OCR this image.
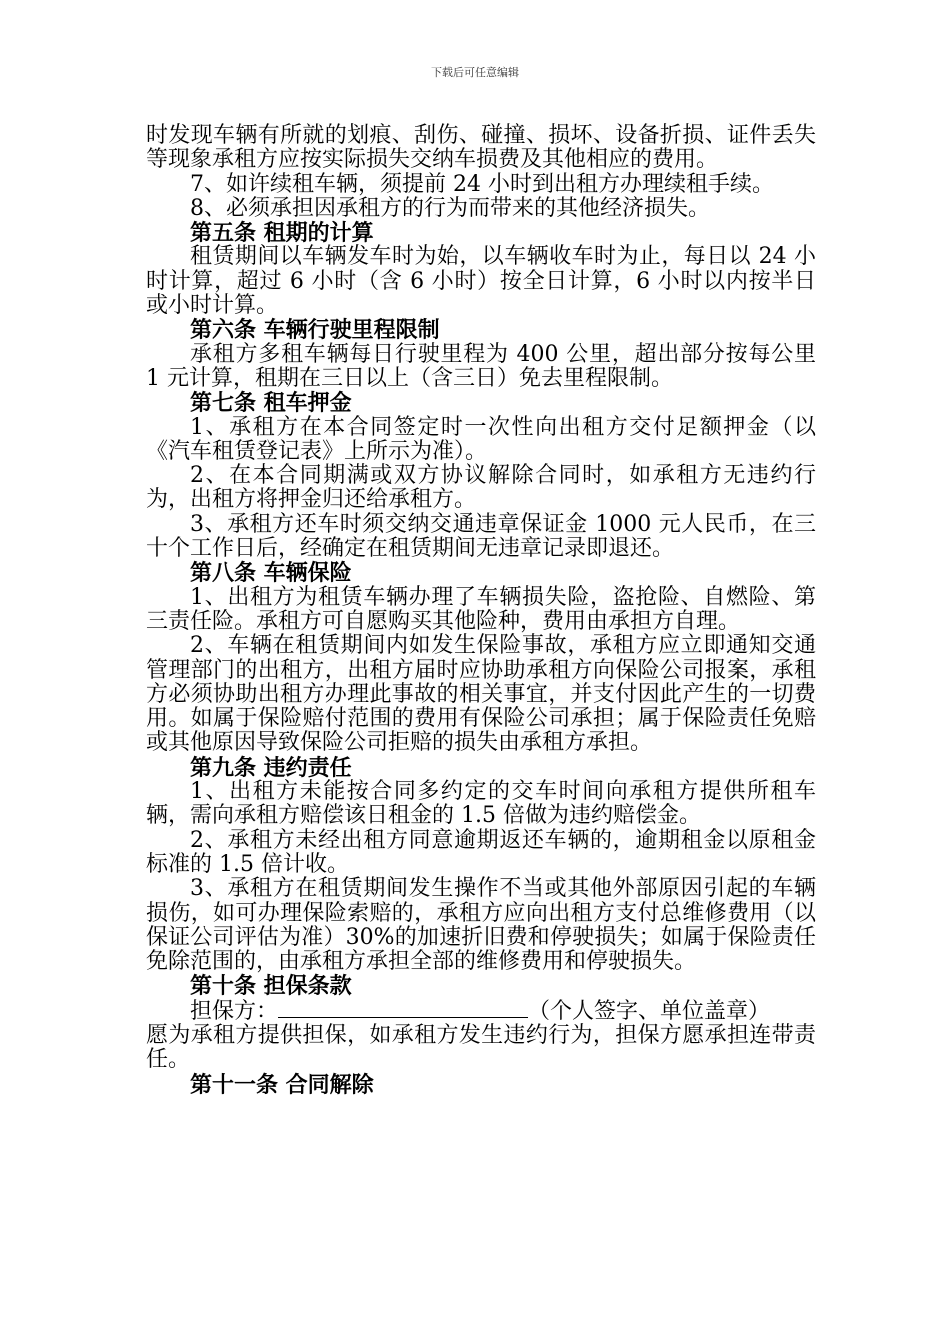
下载后可任意编辑

时发现车辆有所就的划痕、刮伤、碰撞、损坏、设备折损、证件丢失等现象承租方应按实际损失交纳车损费及其他相应的费用。

7、如许续租车辆，须提前 24 小时到出租方办理续租手续。

8、必须承担因承租方的行为而带来的其他经济损失。

第五条 租期的计算

租赁期间以车辆发车时为始，以车辆收车时为止，每日以 24 小时计算，超过 6 小时（含 6 小时）按全日计算，6 小时以内按半日或小时计算。

第六条 车辆行驶里程限制

承租方多租车辆每日行驶里程为 400 公里，超出部分按每公里 1 元计算，租期在三日以上（含三日）免去里程限制。

第七条 租车押金

1、承租方在本合同签定时一次性向出租方交付足额押金（以《汽车租赁登记表》上所示为准）。

2、在本合同期满或双方协议解除合同时，如承租方无违约行为，出租方将押金归还给承租方。

3、承租方还车时须交纳交通违章保证金 1000 元人民币，在三十个工作日后，经确定在租赁期间无违章记录即退还。

第八条 车辆保险

1、出租方为租赁车辆办理了车辆损失险，盗抢险、自燃险、第三责任险。承租方可自愿购买其他险种，费用由承担方自理。

2、车辆在租赁期间内如发生保险事故，承租方应立即通知交通管理部门的出租方，出租方届时应协助承租方向保险公司报案，承租方必须协助出租方办理此事故的相关事宜，并支付因此产生的一切费用。如属于保险赔付范围的费用有保险公司承担；属于保险责任免赔或其他原因导致保险公司拒赔的损失由承租方承担。

第九条 违约责任

1、出租方未能按合同多约定的交车时间向承租方提供所租车辆，需向承租方赔偿该日租金的 1.5 倍做为违约赔偿金。

2、承租方未经出租方同意逾期返还车辆的，逾期租金以原租金标准的 1.5 倍计收。

3、承租方在租赁期间发生操作不当或其他外部原因引起的车辆损伤，如可办理保险索赔的，承租方应向出租方支付总维修费用（以保证公司评估为准）30%的加速折旧费和停驶损失；如属于保险责任免除范围的，由承租方承担全部的维修费用和停驶损失。

第十条 担保条款

担保方：	（个人签字、单位盖章）

愿为承租方提供担保，如承租方发生违约行为，担保方愿承担连带责任。

第十一条 合同解除
